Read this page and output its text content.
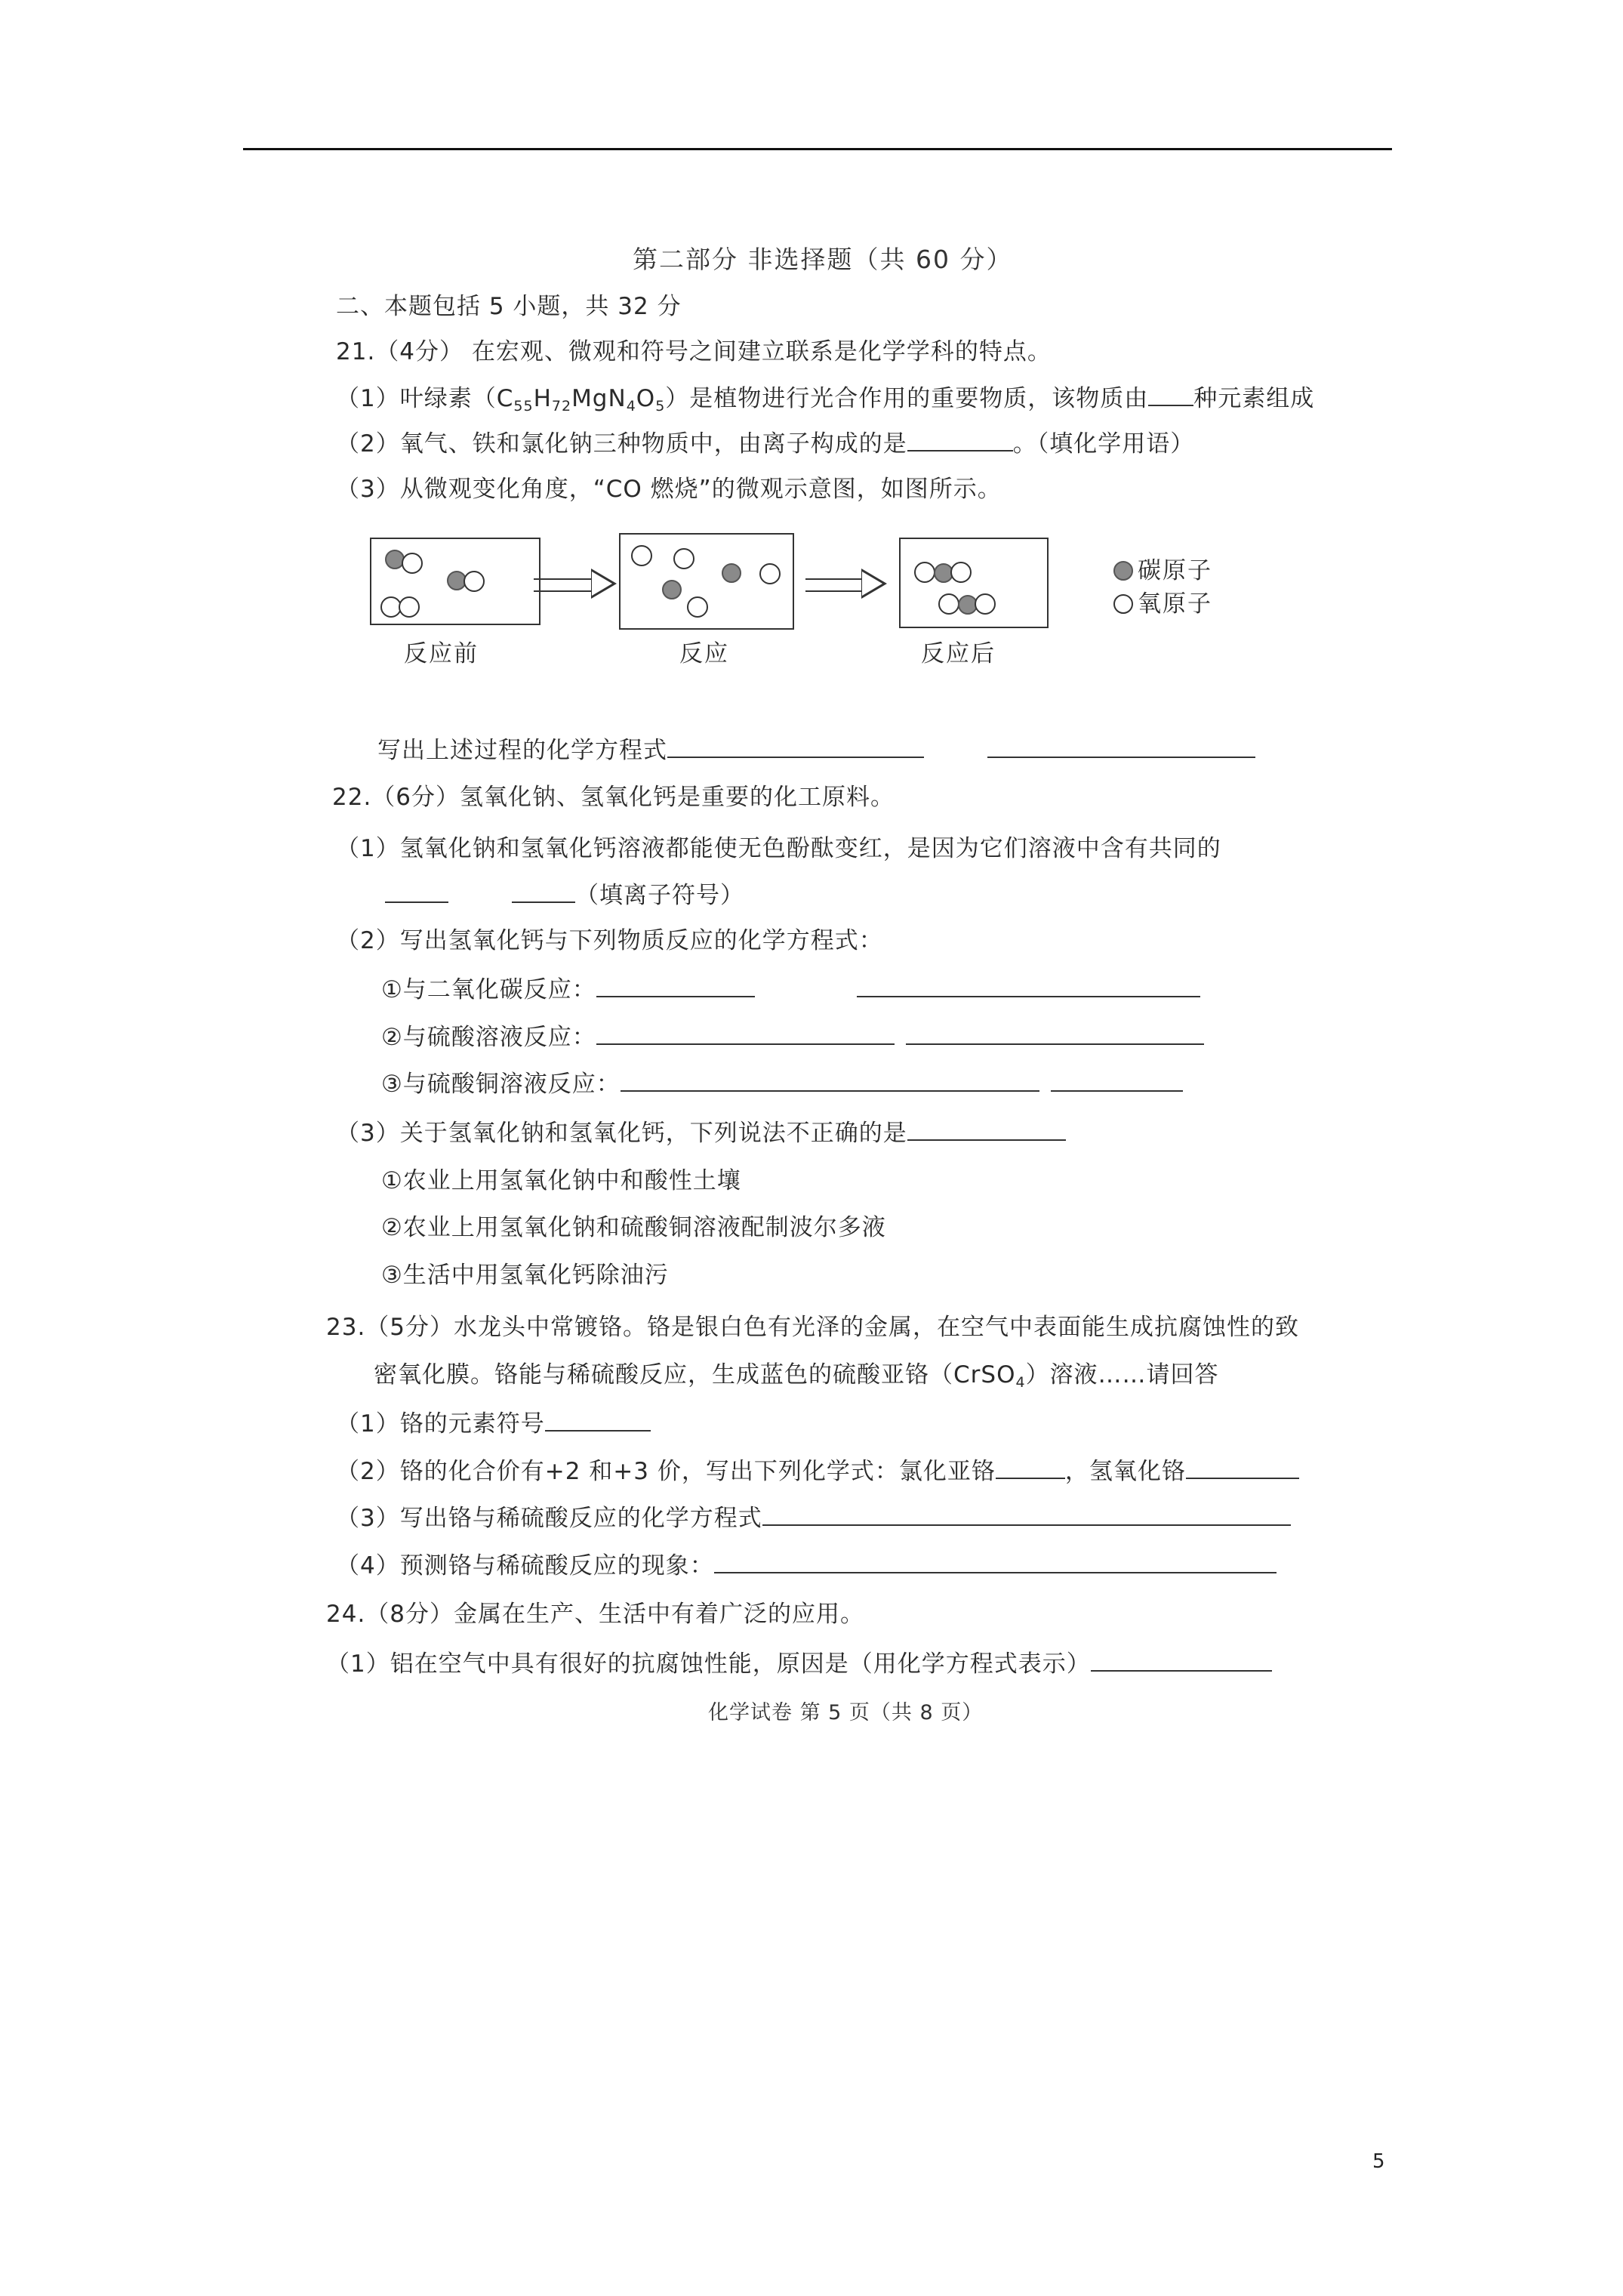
第二部分 非选择题（共 60 分）
二、本题包括 5 小题，共 32 分
21.（4分） 在宏观、微观和符号之间建立联系是化学学科的特点。
（1）叶绿素$(C_{55}H_{72}MgN_4O_5)$是植物进行光合作用的重要物质，该物质由 种元素组成
（2）氧气、铁和氯化钠三种物质中，由离子构成的是	。（填化学用语）
（3）从微观变化角度，“CO 燃烧”的微观示意图，如图所示。
碳原子
氧原子
反应前	反应	反应后
写出上述过程的化学方程式
22.（6分）氢氧化钠、氢氧化钙是重要的化工原料。
（1）氢氧化钠和氢氧化钙溶液都能使无色酚酞变红，是因为它们溶液中含有共同的
（填离子符号）
（2）写出氢氧化钙与下列物质反应的化学方程式：
①与二氧化碳反应：
②与硫酸溶液反应：
③与硫酸铜溶液反应：
（3）关于氢氧化钠和氢氧化钙，下列说法不正确的是
①农业上用氢氧化钠中和酸性土壤
②农业上用氢氧化钠和硫酸铜溶液配制波尔多液
③生活中用氢氧化钙除油污
23.（5分）水龙头中常镀铬。铬是银白色有光泽的金属，在空气中表面能生成抗腐蚀性的致
密氧化膜。铬能与稀硫酸反应，生成蓝色的硫酸亚铬（CrSO$_4$）溶液……请回答
（1）铬的元素符号
（2）铬的化合价有+2 和+3 价，写出下列化学式：氯化亚铬	，氢氧化铬
（3）写出铬与稀硫酸反应的化学方程式
（4）预测铬与稀硫酸反应的现象：
24.（8分）金属在生产、生活中有着广泛的应用。
（1）铝在空气中具有很好的抗腐蚀性能，原因是（用化学方程式表示）
化学试卷 第 5 页（共 8 页）
5
